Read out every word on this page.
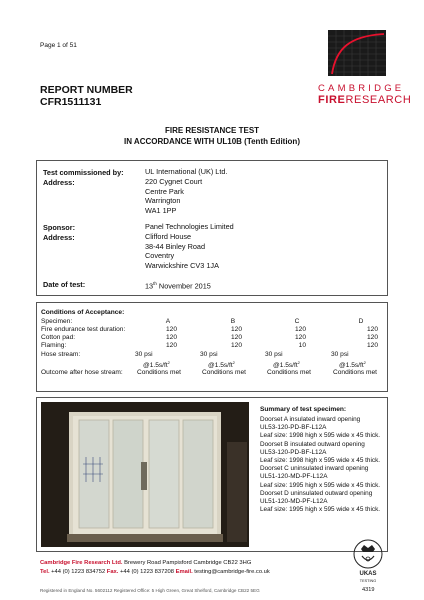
Page 1 of 51
CAMBRIDGE
FIRERESEARCH
REPORT NUMBER
CFR1511131
FIRE RESISTANCE TEST
IN ACCORDANCE WITH UL10B (Tenth Edition)
Test commissioned by:	UL International (UK) Ltd.
Address:	220 Cygnet Court
Centre Park
Warrington
WA1 1PP
Sponsor:	Panel Technologies Limited
Address:	Clifford House
38-44 Binley Road
Coventry
Warwickshire CV3 1JA
Date of test:	13th November 2015
Conditions of Acceptance:
Specimen:	A	B	C	D
Fire endurance test duration:	120	120	120	120
Cotton pad:	120	120	120	120
Flaming:	120	120	10	120
Hose stream:	30 psi	30 psi	30 psi	30 psi
$@1.5s/ft^2$	$@1.5s/ft^2$	$@1.5s/ft^2$	$@1.5s/ft^2$
Outcome after hose stream: Conditions met	Conditions met	Conditions met	Conditions met
Summary of test specimen:
Doorset A insulated inward opening
UL53-120-PD-BF-L12A
Leaf size: 1998 high x 595 wide x 45 thick.
Doorset B insulated outward opening
UL53-120-PD-BF-L12A
Leaf size: 1998 high x 595 wide x 45 thick.
Doorset C uninsulated inward opening
UL51-120-MD-PF-L12A
Leaf size: 1995 high x 595 wide x 45 thick.
Doorset D uninsulated outward opening
UL51-120-MD-PF-L12A
Leaf size: 1995 high x 595 wide x 45 thick.
Cambridge Fire Research Ltd. Brewery Road Pampisford Cambridge CB22 3HG
Tel. +44 (0) 1223 834752 Fax. +44 (0) 1223 837208 Email. testing@cambridge-fire.co.uk
Registered in England No. 5602112 Registered Office: 5 High Green, Great Shelford, Cambridge CB22 5EG
UKAS
TESTING
4319
